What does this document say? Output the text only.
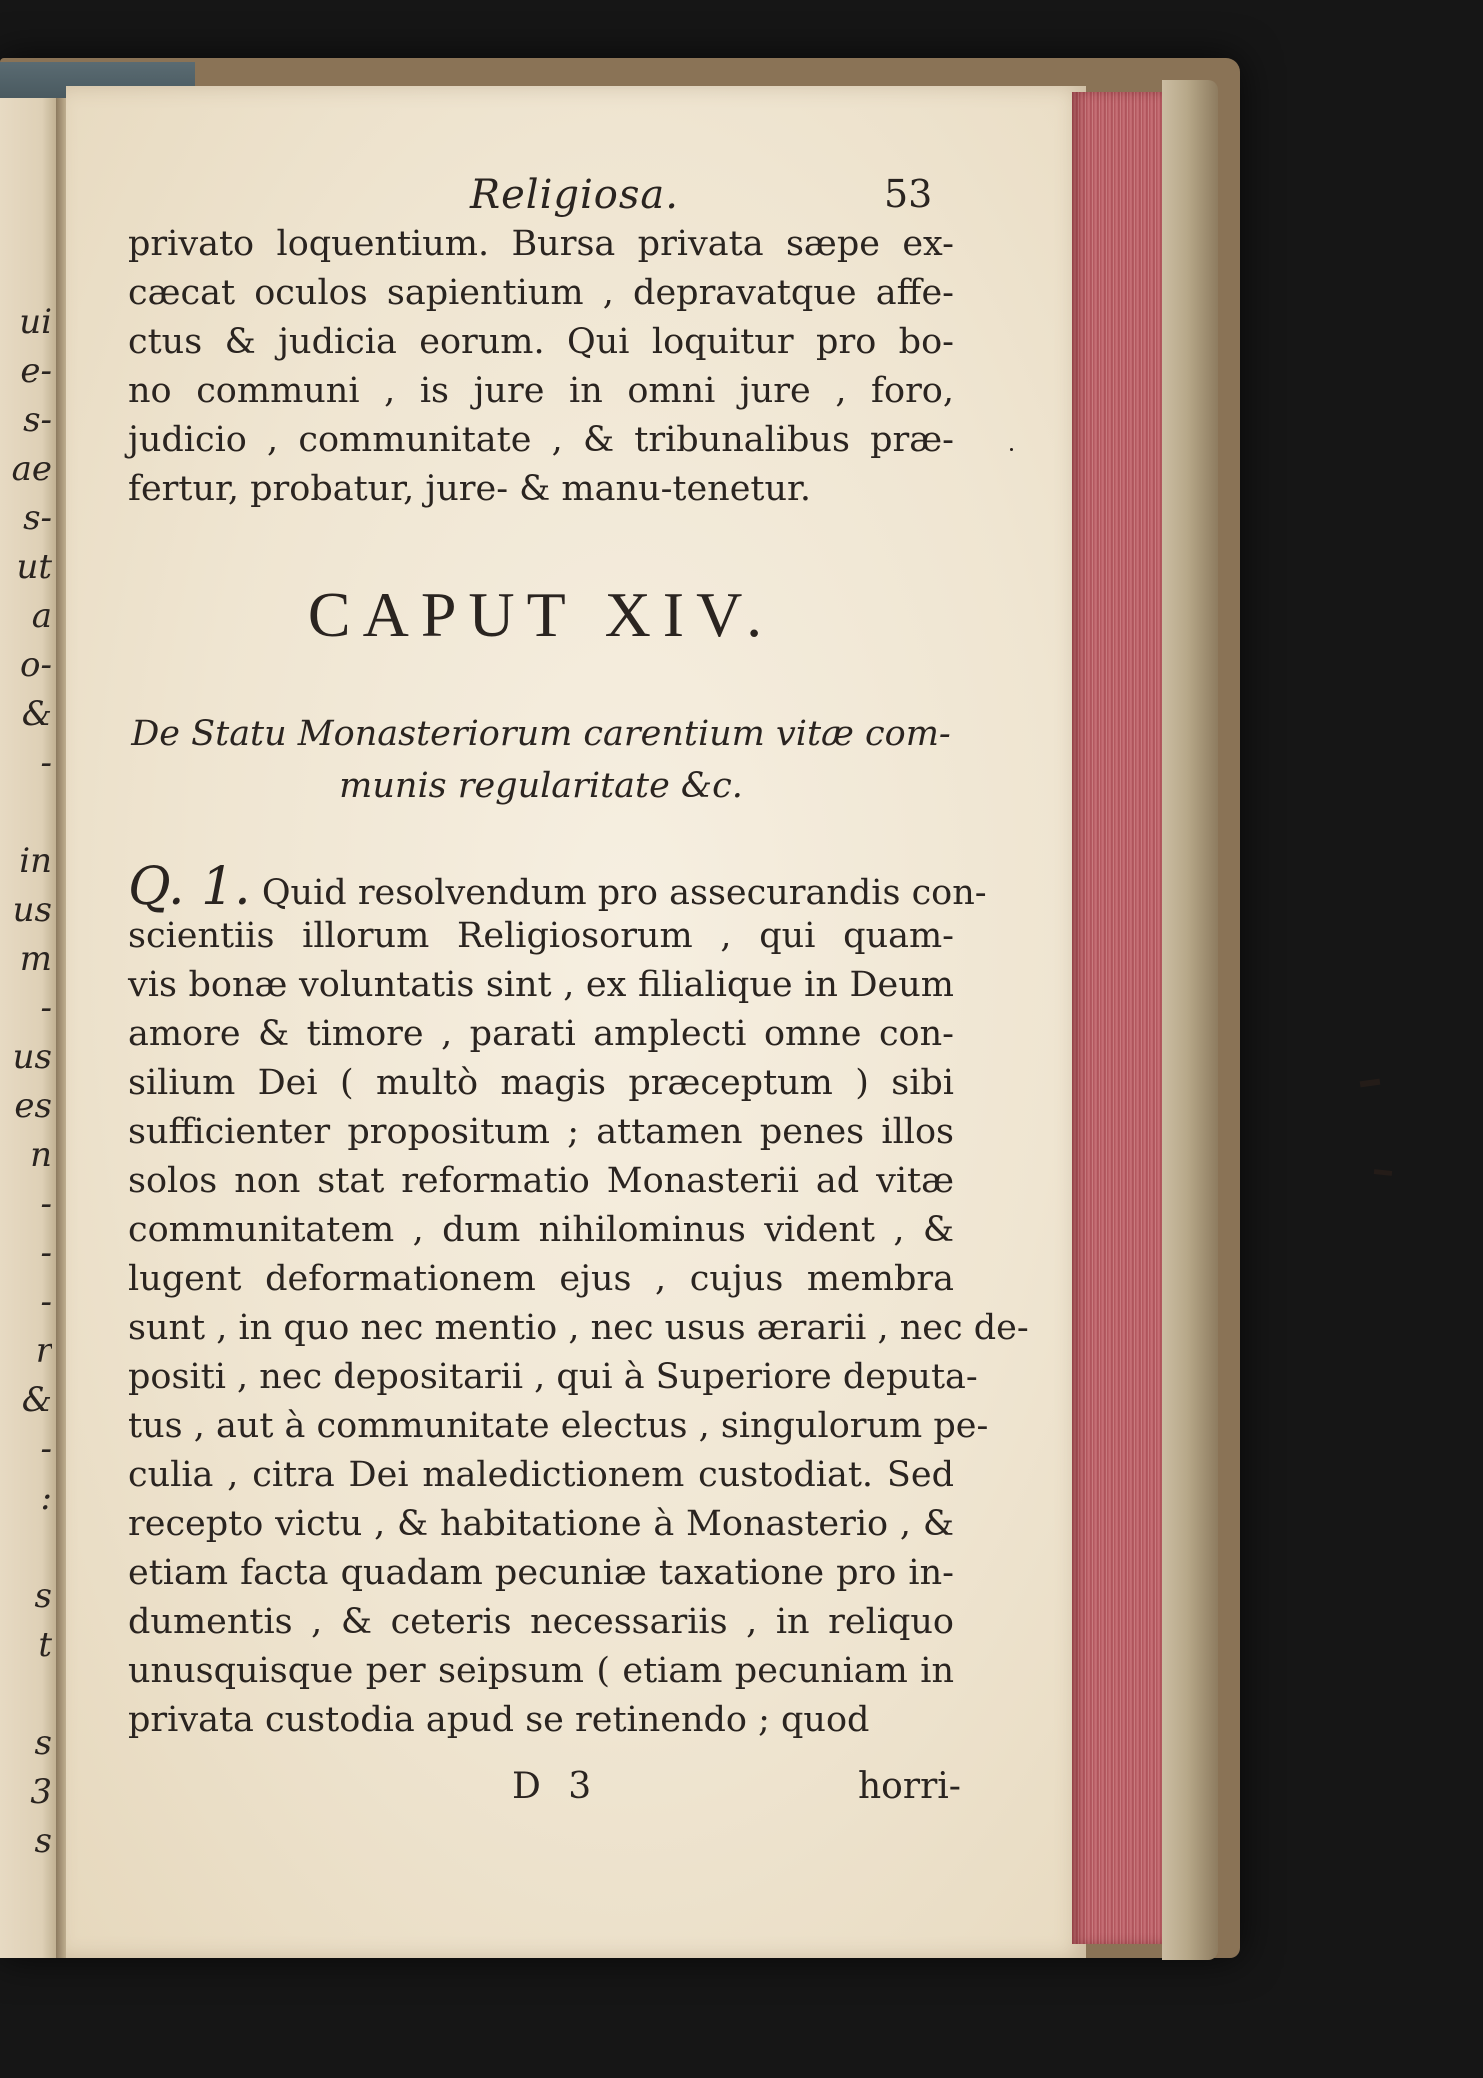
ui
e-
s-
ae
s-
ut
a
o-
&
-
in
us
m
-
us
es
n
-
-
-
r
&
-
:
s
t
s
3
s
Religiosa.	53
privato loquentium. Bursa privata sæpe ex-
cæcat oculos sapientium , depravatque affe-
ctus & judicia eorum. Qui loquitur pro bo-
no communi , is jure in omni jure , foro,
judicio , communitate , & tribunalibus præ-
fertur, probatur, jure- & manu-tenetur.
CAPUT XIV.
De Statu Monasteriorum carentium vitæ com-
munis regularitate &c.
Q. 1. Quid resolvendum pro assecurandis con-
scientiis illorum Religiosorum , qui quam-
vis bonæ voluntatis sint , ex filialique in Deum
amore & timore , parati amplecti omne con-
silium Dei ( multò magis præceptum ) sibi
sufficienter propositum ; attamen penes illos
solos non stat reformatio Monasterii ad vitæ
communitatem , dum nihilominus vident , &
lugent deformationem ejus , cujus membra
sunt , in quo nec mentio , nec usus ærarii , nec de-
positi , nec depositarii , qui à Superiore deputa-
tus , aut à communitate electus , singulorum pe-
culia , citra Dei maledictionem custodiat. Sed
recepto victu , & habitatione à Monasterio , &
etiam facta quadam pecuniæ taxatione pro in-
dumentis , & ceteris necessariis , in reliquo
unusquisque per seipsum ( etiam pecuniam in
privata custodia apud se retinendo ; quod
D 3	horri-
